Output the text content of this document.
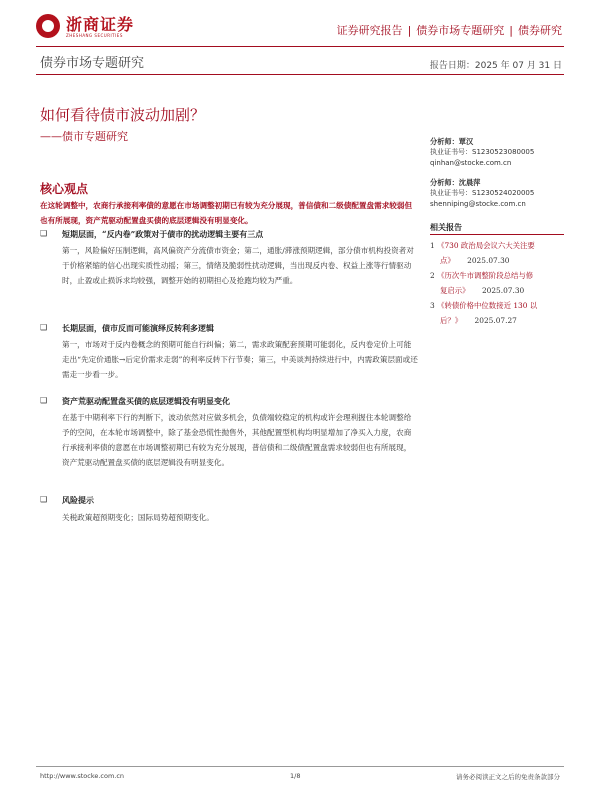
浙商证券
ZHESHANG SECURITIES	证券研究报告 | 债券市场专题研究 | 债券研究
债券市场专题研究	报告日期：2025 年 07 月 31 日
如何看待债市波动加剧？
——债市专题研究
核心观点
在这轮调整中，农商行承接利率债的意愿在市场调整初期已有较为充分展现，普信债和二级债配置盘需求较弱但也有所展现，资产荒驱动配置盘买债的底层逻辑没有明显变化。
❑	短期层面，“反内卷”政策对于债市的扰动逻辑主要有三点
第一，风险偏好压制逻辑，高风偏资产分流债市资金；第二，通胀/滞涨预期逻辑，部分债市机构投资者对于价格紧缩的信心出现实质性动摇；第三，情绪及脆弱性扰动逻辑，当出现反内卷、权益上涨等行情驱动时，止盈或止损诉求均较强，调整开始的初期担心及抢跑均较为严重。
❑	长期层面，债市反而可能演绎反转利多逻辑
第一，市场对于反内卷概念的预期可能自行纠偏；第二，需求政策配套预期可能弱化，反内卷定价上可能走出“先定价通胀→后定价需求走弱”的利率反转下行节奏；第三，中美谈判持续进行中，内需政策层面或还需走一步看一步。
❑	资产荒驱动配置盘买债的底层逻辑没有明显变化
在基于中期利率下行的判断下，波动依然对应做多机会，负债端较稳定的机构或许会理利握住本轮调整给予的空间，在本轮市场调整中，除了基金恐慌性抛售外，其他配置型机构均明显增加了净买入力度，农商行承接利率债的意愿在市场调整初期已有较为充分展现，普信债和二级债配置盘需求较弱但也有所展现，资产荒驱动配置盘买债的底层逻辑没有明显变化。
❑	风险提示
关税政策超预期变化；国际局势超预期变化。
分析师：覃汉
执业证书号：S1230523080005
qinhan@stocke.com.cn
分析师：沈晨萍
执业证书号：S1230524020005
shenniping@stocke.com.cn
相关报告
1 《730 政治局会议六大关注要
点》 2025.07.30
2 《历次牛市调整阶段总结与修
复启示》 2025.07.30
3 《转债价格中位数接近 130 以
后？》 2025.07.27
http://www.stocke.com.cn	1/8	请务必阅读正文之后的免责条款部分
